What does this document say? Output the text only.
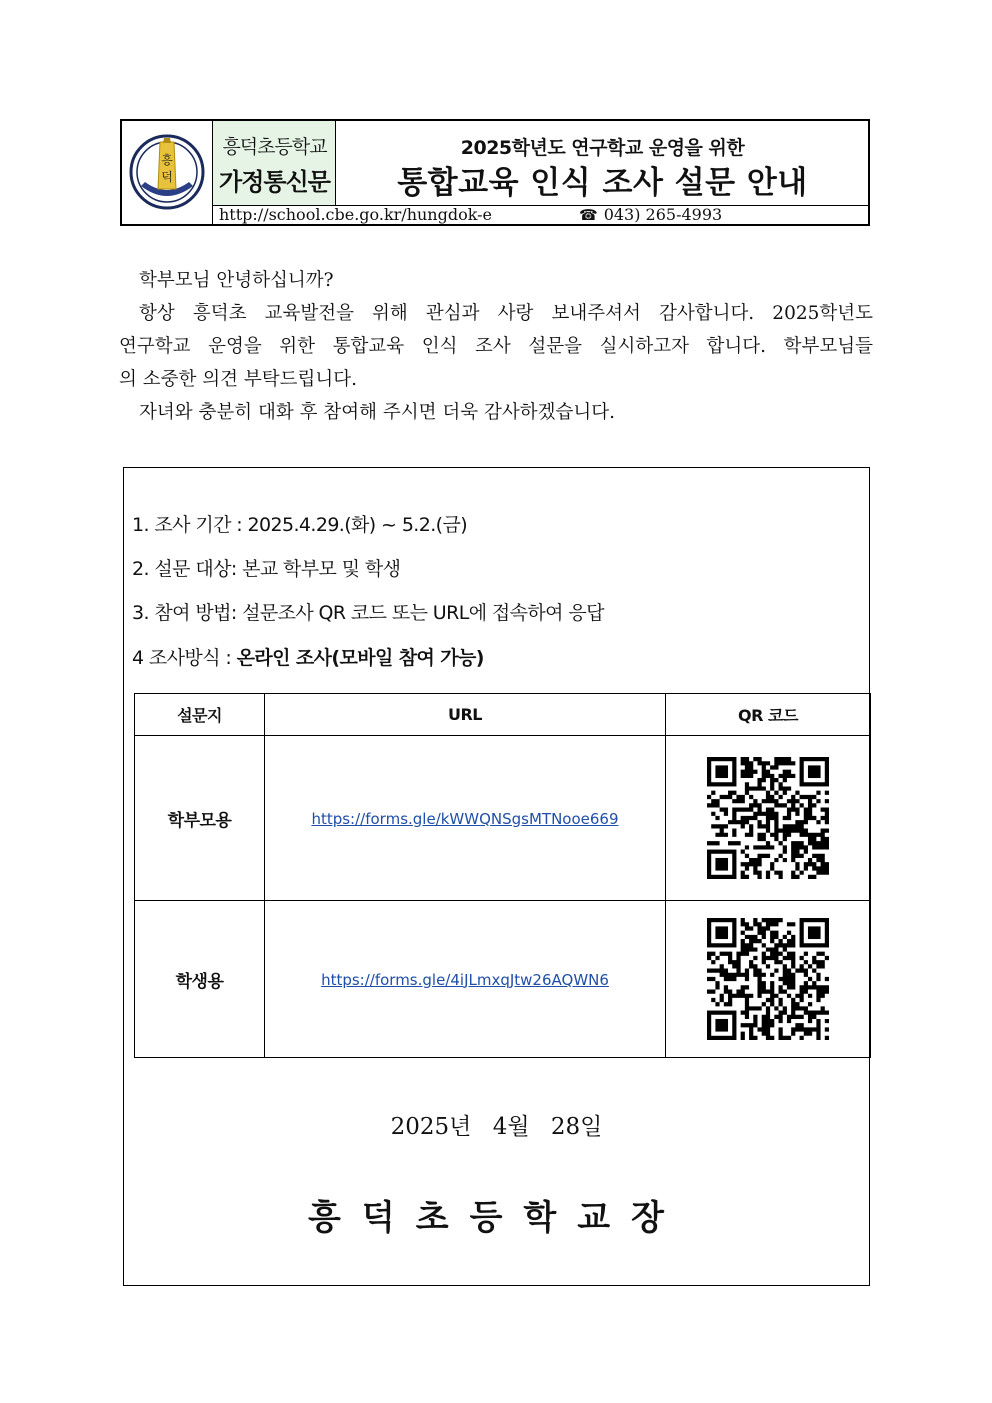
흥
덕
흥덕초등학교
가정통신문
2025학년도 연구학교 운영을 위한
통합교육 인식 조사 설문 안내
http://school.cbe.go.kr/hungdok-e	☎ 043) 265-4993

학부모님 안녕하십니까?

항상 흥덕초 교육발전을 위해 관심과 사랑 보내주셔서 감사합니다. 2025학년도

연구학교 운영을 위한 통합교육 인식 조사 설문을 실시하고자 합니다. 학부모님들

의 소중한 의견 부탁드립니다.

자녀와 충분히 대화 후 참여해 주시면 더욱 감사하겠습니다.

1. 조사 기간 : 2025.4.29.(화) ~ 5.2.(금)
2. 설문 대상: 본교 학부모 및 학생
3. 참여 방법: 설문조사 QR 코드 또는 URL에 접속하여 응답
4 조사방식 : 온라인 조사(모바일 참여 가능)
설문지	URL	QR 코드
학부모용	https://forms.gle/kWWQNSgsMTNooe669	

학생용	https://forms.gle/4iJLmxqJtw26AQWN6	
2025년 4월 28일
흥덕초등학교장
